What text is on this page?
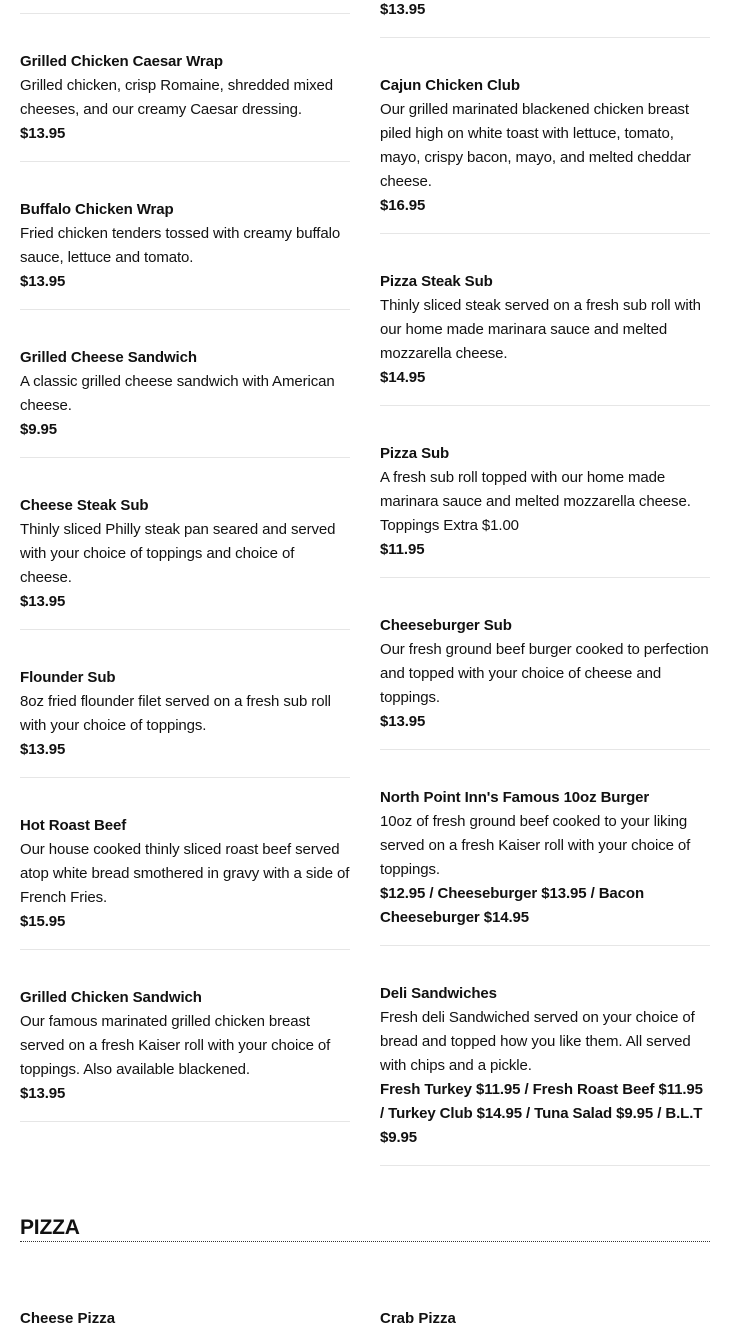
Grilled Chicken Caesar Wrap
Grilled chicken, crisp Romaine, shredded mixed cheeses, and our creamy Caesar dressing.
$13.95
Buffalo Chicken Wrap
Fried chicken tenders tossed with creamy buffalo sauce, lettuce and tomato.
$13.95
Grilled Cheese Sandwich
A classic grilled cheese sandwich with American cheese.
$9.95
Cheese Steak Sub
Thinly sliced Philly steak pan seared and served with your choice of toppings and choice of cheese.
$13.95
Flounder Sub
8oz fried flounder filet served on a fresh sub roll with your choice of toppings.
$13.95
Hot Roast Beef
Our house cooked thinly sliced roast beef served atop white bread smothered in gravy with a side of French Fries.
$15.95
Grilled Chicken Sandwich
Our famous marinated grilled chicken breast served on a fresh Kaiser roll with your choice of toppings. Also available blackened.
$13.95
$13.95
Cajun Chicken Club
Our grilled marinated blackened chicken breast piled high on white toast with lettuce, tomato, mayo, crispy bacon, mayo, and melted cheddar cheese.
$16.95
Pizza Steak Sub
Thinly sliced steak served on a fresh sub roll with our home made marinara sauce and melted mozzarella cheese.
$14.95
Pizza Sub
A fresh sub roll topped with our home made marinara sauce and melted mozzarella cheese. Toppings Extra $1.00
$11.95
Cheeseburger Sub
Our fresh ground beef burger cooked to perfection and topped with your choice of cheese and toppings.
$13.95
North Point Inn's Famous 10oz Burger
10oz of fresh ground beef cooked to your liking served on a fresh Kaiser roll with your choice of toppings.
$12.95 / Cheeseburger $13.95 / Bacon Cheeseburger $14.95
Deli Sandwiches
Fresh deli Sandwiched served on your choice of bread and topped how you like them. All served with chips and a pickle.
Fresh Turkey $11.95 / Fresh Roast Beef $11.95 / Turkey Club $14.95 / Tuna Salad $9.95 / B.L.T $9.95
PIZZA
Cheese Pizza	Crab Pizza
